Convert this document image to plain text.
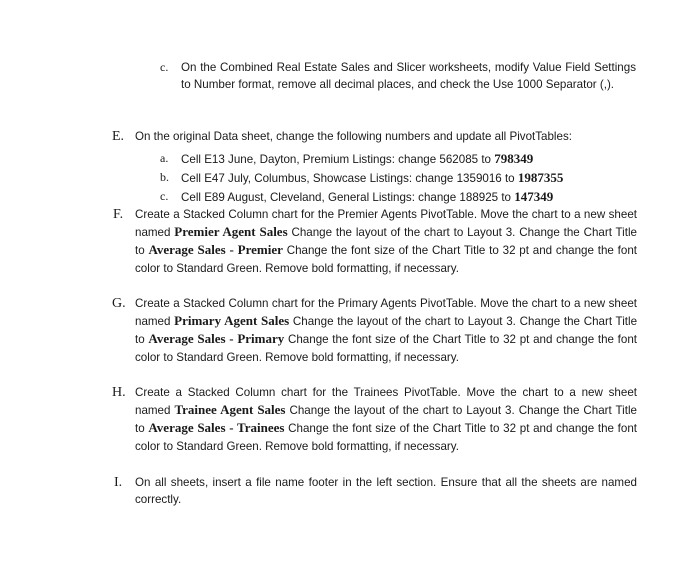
c. On the Combined Real Estate Sales and Slicer worksheets, modify Value Field Settings to Number format, remove all decimal places, and check the Use 1000 Separator (,).
E. On the original Data sheet, change the following numbers and update all PivotTables:
a. Cell E13 June, Dayton, Premium Listings: change 562085 to 798349
b. Cell E47 July, Columbus, Showcase Listings: change 1359016 to 1987355
c. Cell E89 August, Cleveland, General Listings: change 188925 to 147349
F. Create a Stacked Column chart for the Premier Agents PivotTable. Move the chart to a new sheet named Premier Agent Sales Change the layout of the chart to Layout 3. Change the Chart Title to Average Sales - Premier Change the font size of the Chart Title to 32 pt and change the font color to Standard Green. Remove bold formatting, if necessary.
G. Create a Stacked Column chart for the Primary Agents PivotTable. Move the chart to a new sheet named Primary Agent Sales Change the layout of the chart to Layout 3. Change the Chart Title to Average Sales - Primary Change the font size of the Chart Title to 32 pt and change the font color to Standard Green. Remove bold formatting, if necessary.
H. Create a Stacked Column chart for the Trainees PivotTable. Move the chart to a new sheet named Trainee Agent Sales Change the layout of the chart to Layout 3. Change the Chart Title to Average Sales - Trainees Change the font size of the Chart Title to 32 pt and change the font color to Standard Green. Remove bold formatting, if necessary.
I. On all sheets, insert a file name footer in the left section. Ensure that all the sheets are named correctly.
